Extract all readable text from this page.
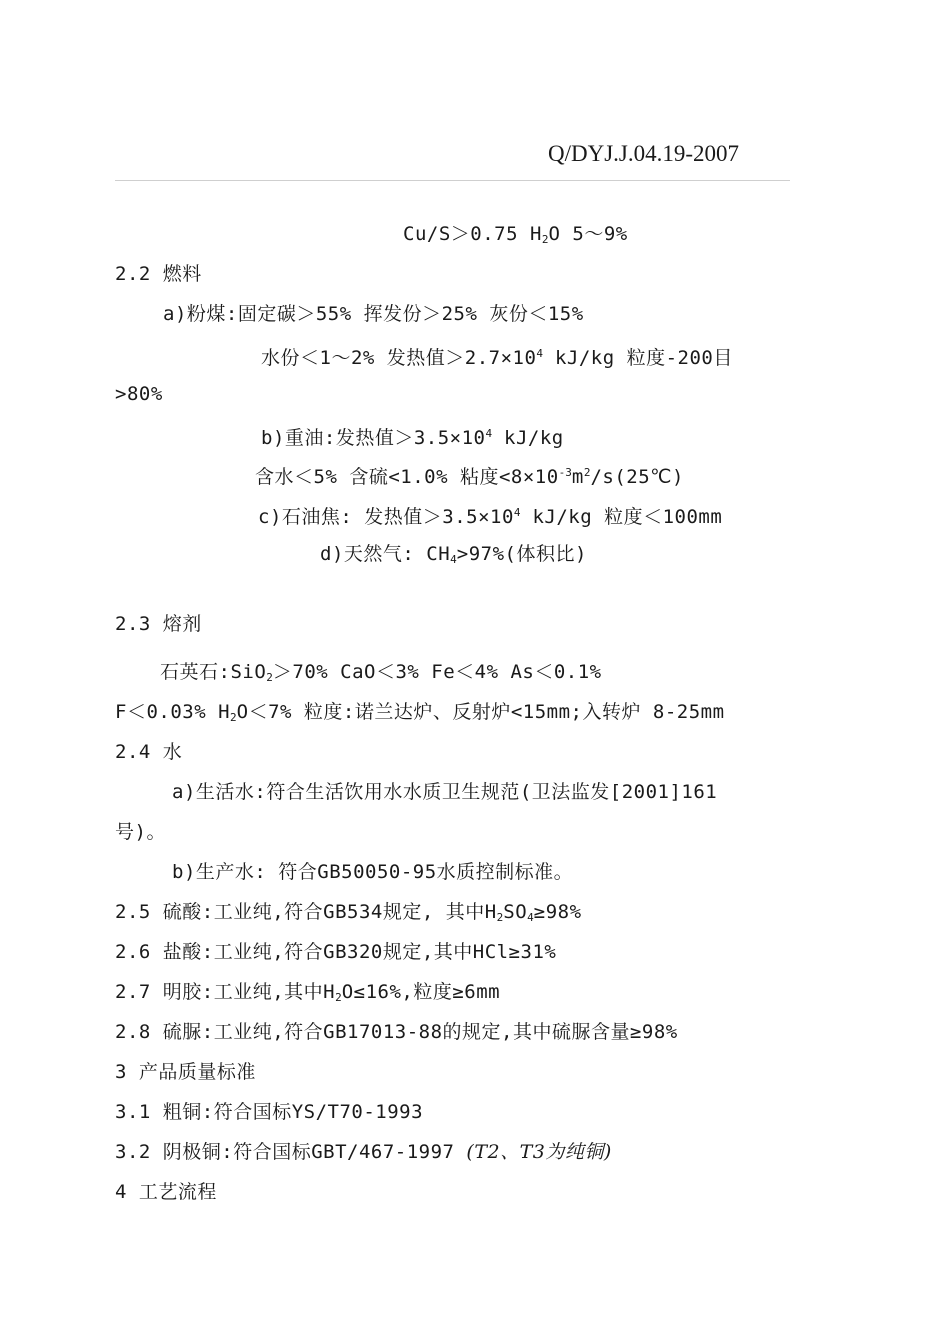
Q/DYJ.J.04.19-2007
Cu/S＞0.75 $H_2O$ 5～9%
2.2 燃料
a)粉煤:固定碳＞55% 挥发份＞25% 灰份＜15%
水份＜1～2% 发热值$>2.7\times 10^4$ kJ/kg 粒度-200目
>80%
b)重油:发热值$>3.5\times 10^4$ kJ/kg
含水＜5% 含硫<1.0% 粘度$<8\times 10^{-3}m^2/s(25℃)$
c)石油焦: 发热值$>3.5\times 10^4$ kJ/kg 粒度＜100mm
d)天然气: $CH_4>97\%$(体积比)
2.3 熔剂
石英石:SiO$_2$＞70% CaO＜3% Fe＜4% As＜0.1%
F＜0.03% $H_2O<7\%$ 粒度:诺兰达炉、反射炉<15mm;入转炉 8-25mm
2.4 水
a)生活水:符合生活饮用水水质卫生规范(卫法监发[2001]161
号)。
b)生产水: 符合GB50050-95水质控制标准。
2.5 硫酸:工业纯,符合GB534规定, 其中$H_2SO_4\ge 98\%$
2.6 盐酸:工业纯,符合GB320规定,其中HCl≥31%
2.7 明胶:工业纯,其中$H_2O\le 16\%$,粒度≥6mm
2.8 硫脲:工业纯,符合GB17013-88的规定,其中硫脲含量≥98%
3 产品质量标准
3.1 粗铜:符合国标YS/T70-1993
3.2 阴极铜:符合国标GBT/467-1997 (T2、T3为纯铜)
4 工艺流程
